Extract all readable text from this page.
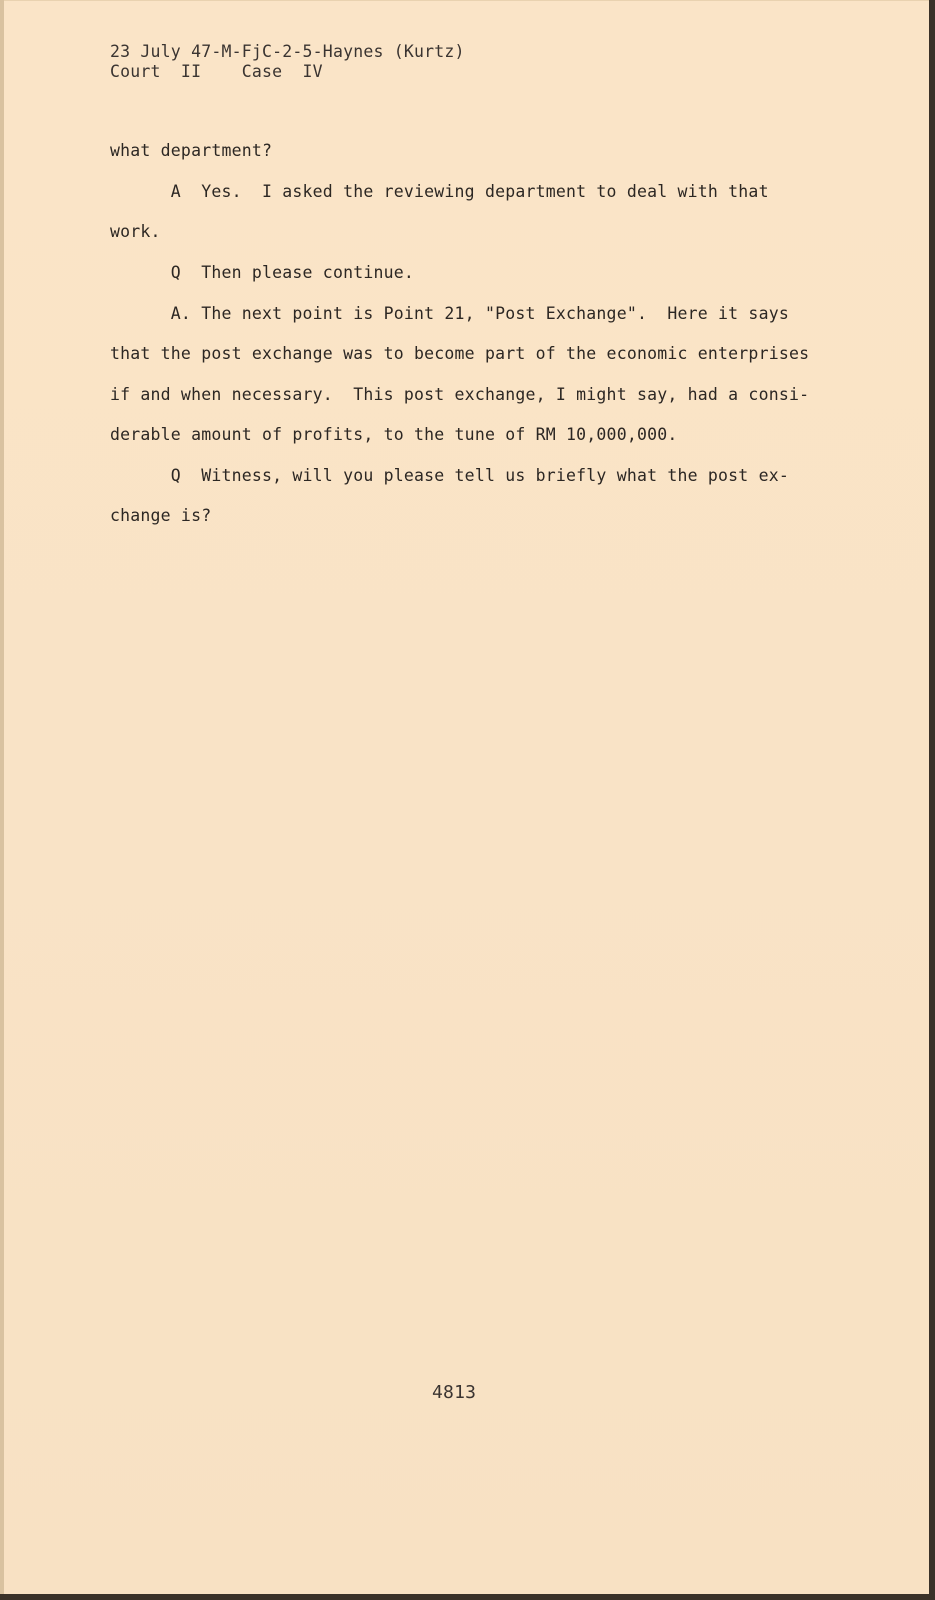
23 July 47-M-FjC-2-5-Haynes (Kurtz)
Court  II    Case  IV
what department?
A  Yes.  I asked the reviewing department to deal with that
work.
Q  Then please continue.
A. The next point is Point 21, "Post Exchange".  Here it says
that the post exchange was to become part of the economic enterprises
if and when necessary.  This post exchange, I might say, had a consi-
derable amount of profits, to the tune of RM 10,000,000.
Q  Witness, will you please tell us briefly what the post ex-
change is?
4813
